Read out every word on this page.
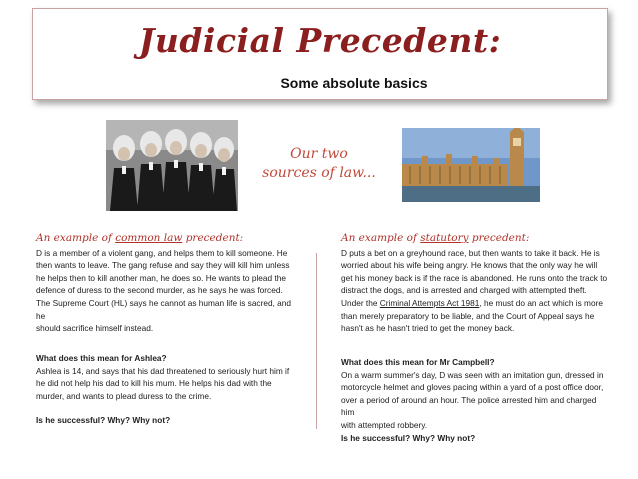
Judicial Precedent:
Some absolute basics
Our two
sources of law...
An example of common law precedent:
D is a member of a violent gang, and helps them to kill someone. He
then wants to leave. The gang refuse and say they will kill him unless
he helps then to kill another man, he does so. He wants to plead the
defence of duress to the second murder, as he says he was forced.
The Supreme Court (HL) says he cannot as human life is sacred, and he
should sacrifice himself instead.
What does this mean for Ashlea?
Ashlea is 14, and says that his dad threatened to seriously hurt him if
he did not help his dad to kill his mum. He helps his dad with the
murder, and wants to plead duress to the crime.
Is he successful? Why? Why not?
An example of statutory precedent:
D puts a bet on a greyhound race, but then wants to take it back. He is
worried about his wife being angry. He knows that the only way he will
get his money back is if the race is abandoned. He runs onto the track to
distract the dogs, and is arrested and charged with attempted theft.
Under the Criminal Attempts Act 1981, he must do an act which is more
than merely preparatory to be liable, and the Court of Appeal says he
hasn't as he hasn't tried to get the money back.
What does this mean for Mr Campbell?
On a warm summer's day, D was seen with an imitation gun, dressed in
motorcycle helmet and gloves pacing within a yard of a post office door,
over a period of around an hour. The police arrested him and charged him
with attempted robbery.
Is he successful? Why? Why not?
